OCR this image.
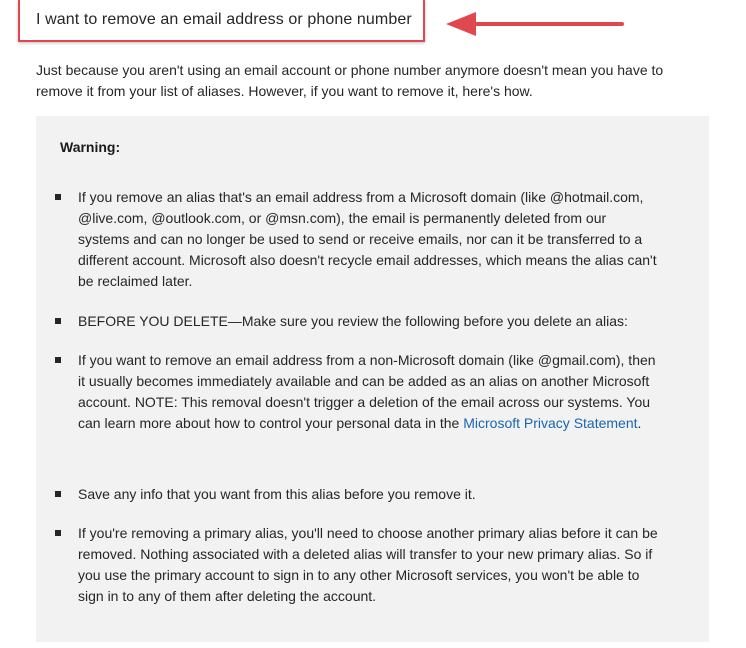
I want to remove an email address or phone number
Just because you aren't using an email account or phone number anymore doesn't mean you have to remove it from your list of aliases. However, if you want to remove it, here's how.
Warning:
If you remove an alias that's an email address from a Microsoft domain (like @hotmail.com, @live.com, @outlook.com, or @msn.com), the email is permanently deleted from our systems and can no longer be used to send or receive emails, nor can it be transferred to a different account. Microsoft also doesn't recycle email addresses, which means the alias can't be reclaimed later.
BEFORE YOU DELETE—Make sure you review the following before you delete an alias:
If you want to remove an email address from a non-Microsoft domain (like @gmail.com), then it usually becomes immediately available and can be added as an alias on another Microsoft account. NOTE: This removal doesn't trigger a deletion of the email across our systems. You can learn more about how to control your personal data in the Microsoft Privacy Statement.
Save any info that you want from this alias before you remove it.
If you're removing a primary alias, you'll need to choose another primary alias before it can be removed. Nothing associated with a deleted alias will transfer to your new primary alias. So if you use the primary account to sign in to any other Microsoft services, you won't be able to sign in to any of them after deleting the account.
